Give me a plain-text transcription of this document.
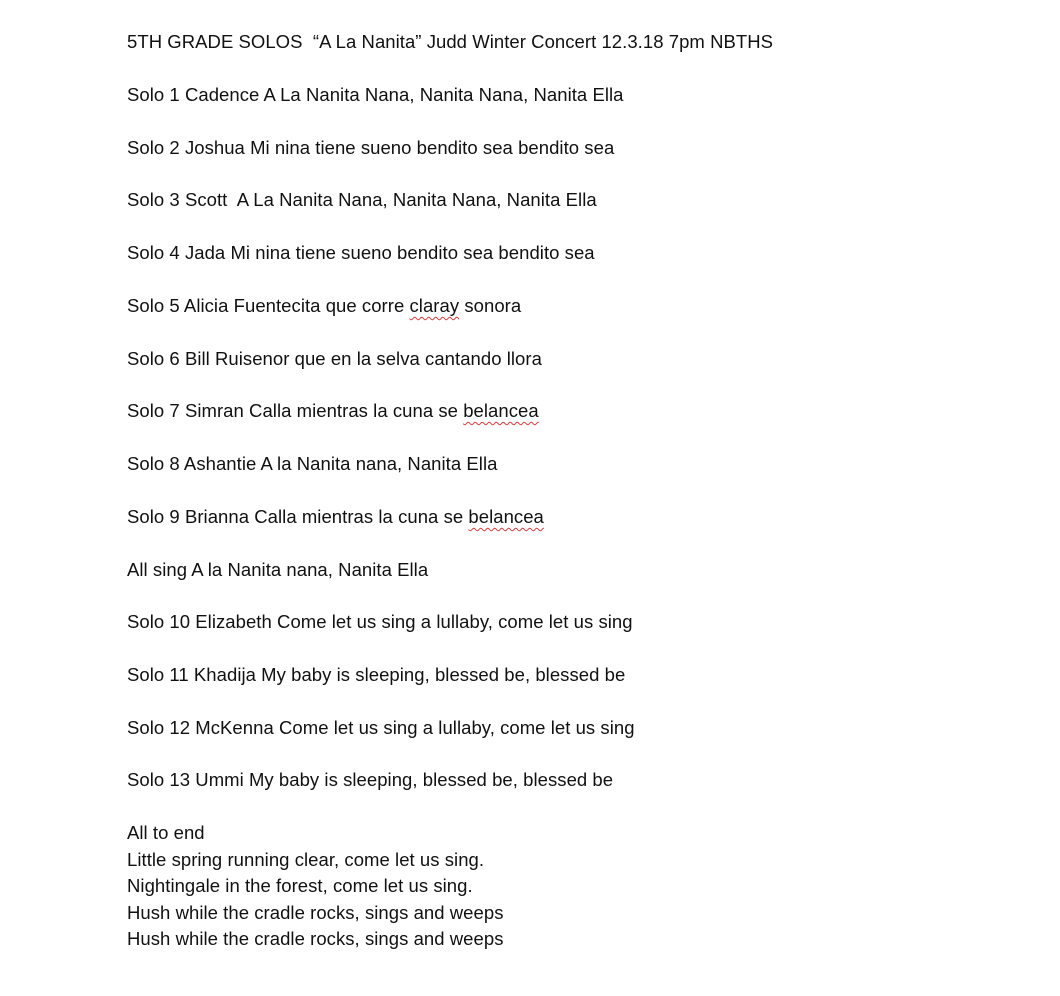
5TH GRADE SOLOS  “A La Nanita” Judd Winter Concert 12.3.18 7pm NBTHS
Solo 1 Cadence A La Nanita Nana, Nanita Nana, Nanita Ella
Solo 2 Joshua Mi nina tiene sueno bendito sea bendito sea
Solo 3 Scott  A La Nanita Nana, Nanita Nana, Nanita Ella
Solo 4 Jada Mi nina tiene sueno bendito sea bendito sea
Solo 5 Alicia Fuentecita que corre claray sonora
Solo 6 Bill Ruisenor que en la selva cantando llora
Solo 7 Simran Calla mientras la cuna se belancea
Solo 8 Ashantie A la Nanita nana, Nanita Ella
Solo 9 Brianna Calla mientras la cuna se belancea
All sing A la Nanita nana, Nanita Ella
Solo 10 Elizabeth Come let us sing a lullaby, come let us sing
Solo 11 Khadija My baby is sleeping, blessed be, blessed be
Solo 12 McKenna Come let us sing a lullaby, come let us sing
Solo 13 Ummi My baby is sleeping, blessed be, blessed be
All to end
Little spring running clear, come let us sing.
Nightingale in the forest, come let us sing.
Hush while the cradle rocks, sings and weeps
Hush while the cradle rocks, sings and weeps
